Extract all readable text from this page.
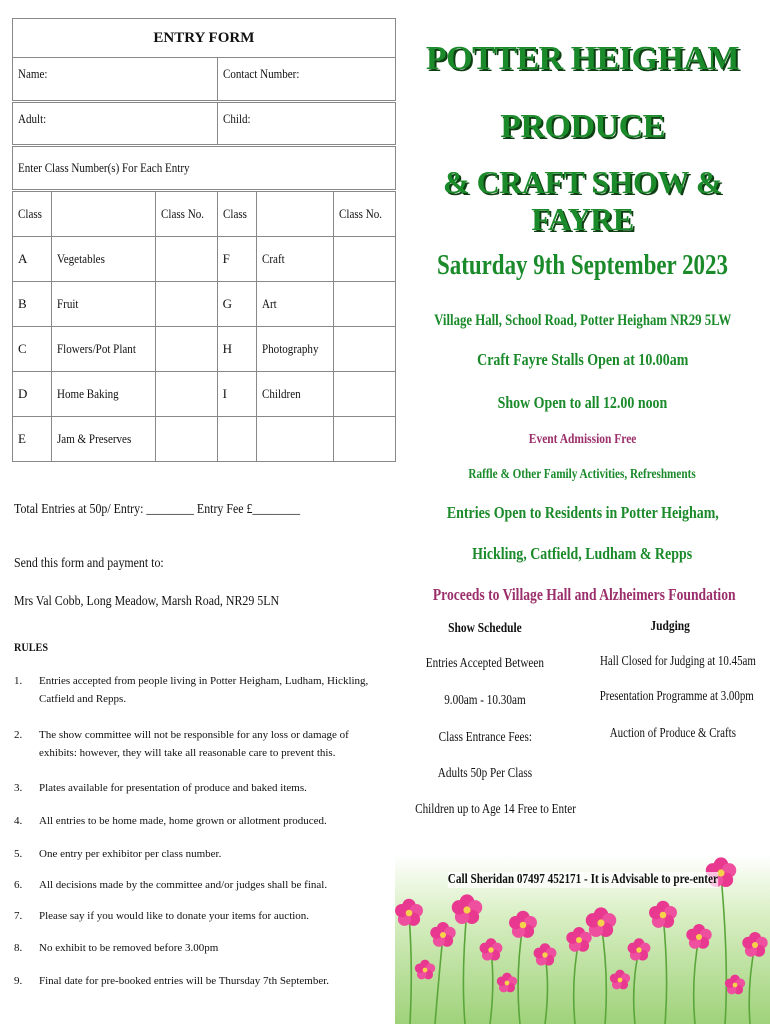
ENTRY FORM					
Name:			Contact Number:		
Adult:			Child:		
Enter Class Number(s) For Each Entry					
Class		Class No.	Class		Class No.
A	Vegetables		F	Craft	
B	Fruit		G	Art	
C	Flowers/Pot Plant		H	Photography	
D	Home Baking		I	Children	
E	Jam & Preserves				
Total Entries at 50p/ Entry: ________ Entry Fee £________
Send this form and payment to:
Mrs Val Cobb, Long Meadow, Marsh Road, NR29 5LN
RULES
1. Entries accepted from people living in Potter Heigham, Ludham, Hickling, Catfield and Repps.
2. The show committee will not be responsible for any loss or damage of exhibits: however, they will take all reasonable care to prevent this.
3. Plates available for presentation of produce and baked items.
4. All entries to be home made, home grown or allotment produced.
5. One entry per exhibitor per class number.
6. All decisions made by the committee and/or judges shall be final.
7. Please say if you would like to donate your items for auction.
8. No exhibit to be removed before 3.00pm
9. Final date for pre-booked entries will be Thursday 7th September.
POTTER HEIGHAM
PRODUCE
& CRAFT SHOW & FAYRE
Saturday 9th September 2023
Village Hall, School Road, Potter Heigham NR29 5LW
Craft Fayre Stalls Open at 10.00am
Show Open to all 12.00 noon
Event Admission Free
Raffle & Other Family Activities, Refreshments
Entries Open to Residents in Potter Heigham,
Hickling, Catfield, Ludham & Repps
Proceeds to Village Hall and Alzheimers Foundation
Show Schedule
Entries Accepted Between
9.00am - 10.30am
Class Entrance Fees:
Adults 50p Per Class
Children up to Age 14 Free to Enter
Judging
Hall Closed for Judging at 10.45am
Presentation Programme at 3.00pm
Auction of Produce & Crafts
Call Sheridan 07497 452171 - It is Advisable to pre-enter
